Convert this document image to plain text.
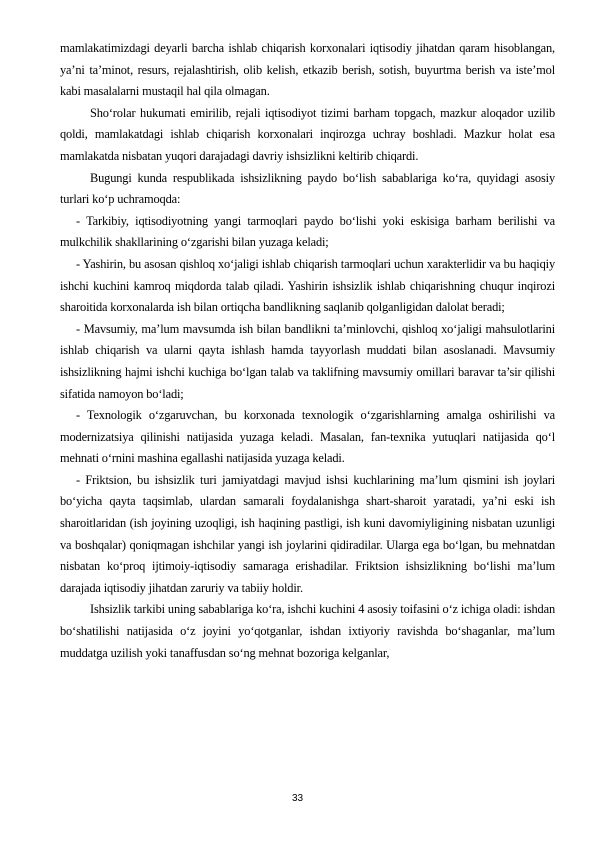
mamlakatimizdagi deyarli barcha ishlab chiqarish korxonalari iqtisodiy jihatdan qaram hisoblangan, ya’ni ta’minot, resurs, rejalashtirish, olib kelish, etkazib berish, sotish, buyurtma berish va iste’mol kabi masalalarni mustaqil hal qila olmagan.

Sho‘rolar hukumati emirilib, rejali iqtisodiyot tizimi barham topgach, mazkur aloqador uzilib qoldi, mamlakatdagi ishlab chiqarish korxonalari inqirozga uchray boshladi. Mazkur holat esa mamlakatda nisbatan yuqori darajadagi davriy ishsizlikni keltirib chiqardi.

Bugungi kunda respublikada ishsizlikning paydo bo‘lish sabablariga ko‘ra, quyidagi asosiy turlari ko‘p uchramoqda:

- Tarkibiy, iqtisodiyotning yangi tarmoqlari paydo bo‘lishi yoki eskisiga barham berilishi va mulkchilik shakllarining o‘zgarishi bilan yuzaga keladi;

- Yashirin, bu asosan qishloq xo‘jaligi ishlab chiqarish tarmoqlari uchun xarakterlidir va bu haqiqiy ishchi kuchini kamroq miqdorda talab qiladi. Yashirin ishsizlik ishlab chiqarishning chuqur inqirozi sharoitida korxonalarda ish bilan ortiqcha bandlikning saqlanib qolganligidan dalolat beradi;

- Mavsumiy, ma’lum mavsumda ish bilan bandlikni ta’minlovchi, qishloq xo‘jaligi mahsulotlarini ishlab chiqarish va ularni qayta ishlash hamda tayyorlash muddati bilan asoslanadi. Mavsumiy ishsizlikning hajmi ishchi kuchiga bo‘lgan talab va taklifning mavsumiy omillari baravar ta’sir qilishi sifatida namoyon bo‘ladi;

- Texnologik o‘zgaruvchan, bu korxonada texnologik o‘zgarishlarning amalga oshirilishi va modernizatsiya qilinishi natijasida yuzaga keladi. Masalan, fan-texnika yutuqlari natijasida qo‘l mehnati o‘rnini mashina egallashi natijasida yuzaga keladi.

- Friktsion, bu ishsizlik turi jamiyatdagi mavjud ishsi kuchlarining ma’lum qismini ish joylari bo‘yicha qayta taqsimlab, ulardan samarali foydalanishga shart-sharoit yaratadi, ya’ni eski ish sharoitlaridan (ish joyining uzoqligi, ish haqining pastligi, ish kuni davomiyligining nisbatan uzunligi va boshqalar) qoniqmagan ishchilar yangi ish joylarini qidiradilar. Ularga ega bo‘lgan, bu mehnatdan nisbatan ko‘proq ijtimoiy-iqtisodiy samaraga erishadilar. Friktsion ishsizlikning bo‘lishi ma’lum darajada iqtisodiy jihatdan zaruriy va tabiiy holdir.

Ishsizlik tarkibi uning sabablariga ko‘ra, ishchi kuchini 4 asosiy toifasini o‘z ichiga oladi: ishdan bo‘shatilishi natijasida o‘z joyini yo‘qotganlar, ishdan ixtiyoriy ravishda bo‘shaganlar, ma’lum muddatga uzilish yoki tanaffusdan so‘ng mehnat bozoriga kelganlar,

33
